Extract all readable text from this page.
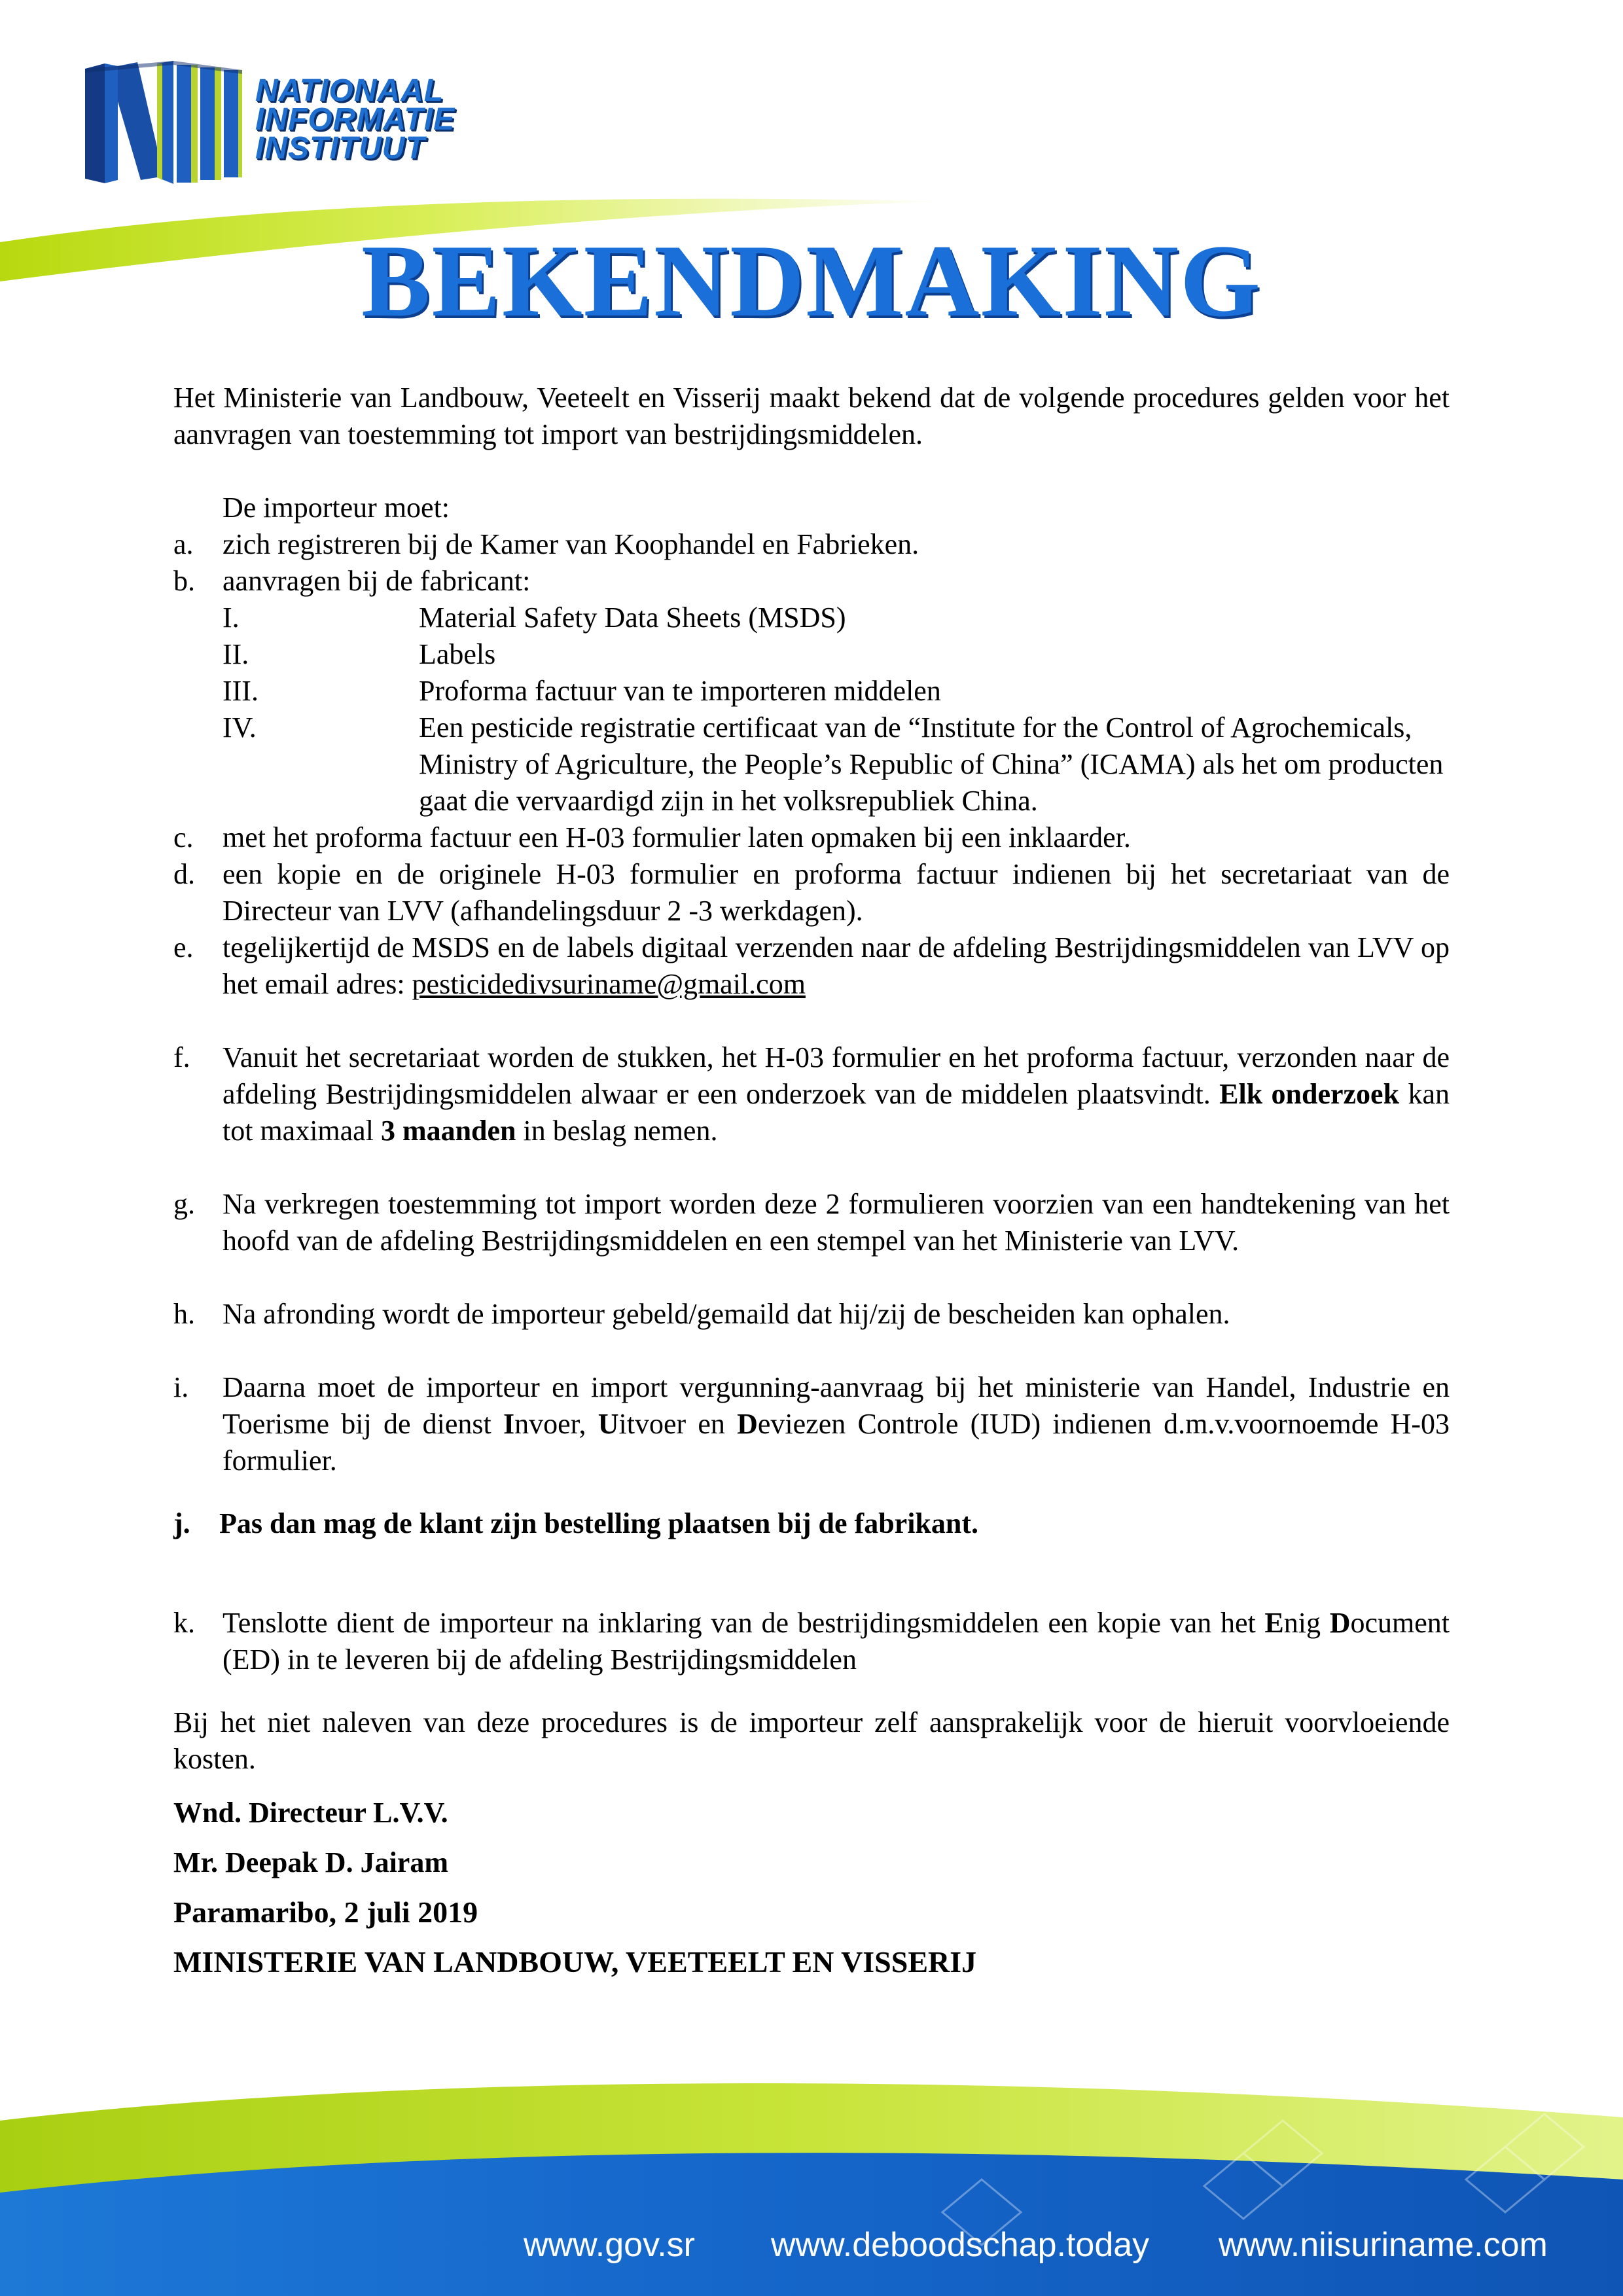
NATIONAAL
INFORMATIE
INSTITUUT
BEKENDMAKING

Het Ministerie van Landbouw, Veeteelt en Visserij maakt bekend dat de volgende procedures gelden voor het aanvragen van toestemming tot import van bestrijdingsmiddelen.

De importeur moet:
a. zich registreren bij de Kamer van Koophandel en Fabrieken.
b. aanvragen bij de fabricant:
I.	Material Safety Data Sheets (MSDS)
II.	Labels
III.	Proforma factuur van te importeren middelen
IV.	Een pesticide registratie certificaat van de “Institute for the Control of Agrochemicals, Ministry of Agriculture, the People’s Republic of China” (ICAMA) als het om producten gaat die vervaardigd zijn in het volksrepubliek China.
c. met het proforma factuur een H-03 formulier laten opmaken bij een inklaarder.
d. een kopie en de originele H-03 formulier en proforma factuur indienen bij het secretariaat van de Directeur van LVV (afhandelingsduur 2 -3 werkdagen).
e. tegelijkertijd de MSDS en de labels digitaal verzenden naar de afdeling Bestrijdingsmiddelen van LVV op het email adres: pesticidedivsuriname@gmail.com
f. Vanuit het secretariaat worden de stukken, het H-03 formulier en het proforma factuur, verzonden naar de afdeling Bestrijdingsmiddelen alwaar er een onderzoek van de middelen plaatsvindt. Elk onderzoek kan tot maximaal 3 maanden in beslag nemen.
g. Na verkregen toestemming tot import worden deze 2 formulieren voorzien van een handtekening van het hoofd van de afdeling Bestrijdingsmiddelen en een stempel van het Ministerie van LVV.
h. Na afronding wordt de importeur gebeld/gemaild dat hij/zij de bescheiden kan ophalen.
i. Daarna moet de importeur en import vergunning-aanvraag bij het ministerie van Handel, Industrie en Toerisme bij de dienst Invoer, Uitvoer en Deviezen Controle (IUD) indienen d.m.v.voornoemde H-03 formulier.
j. Pas dan mag de klant zijn bestelling plaatsen bij de fabrikant.
k. Tenslotte dient de importeur na inklaring van de bestrijdingsmiddelen een kopie van het Enig Document (ED) in te leveren bij de afdeling Bestrijdingsmiddelen

Bij het niet naleven van deze procedures is de importeur zelf aansprakelijk voor de hieruit voorvloeiende kosten.

Wnd. Directeur L.V.V.

Mr. Deepak D. Jairam

Paramaribo, 2 juli 2019

MINISTERIE VAN LANDBOUW, VEETEELT EN VISSERIJ

www.gov.sr www.deboodschap.today www.niisuriname.com
